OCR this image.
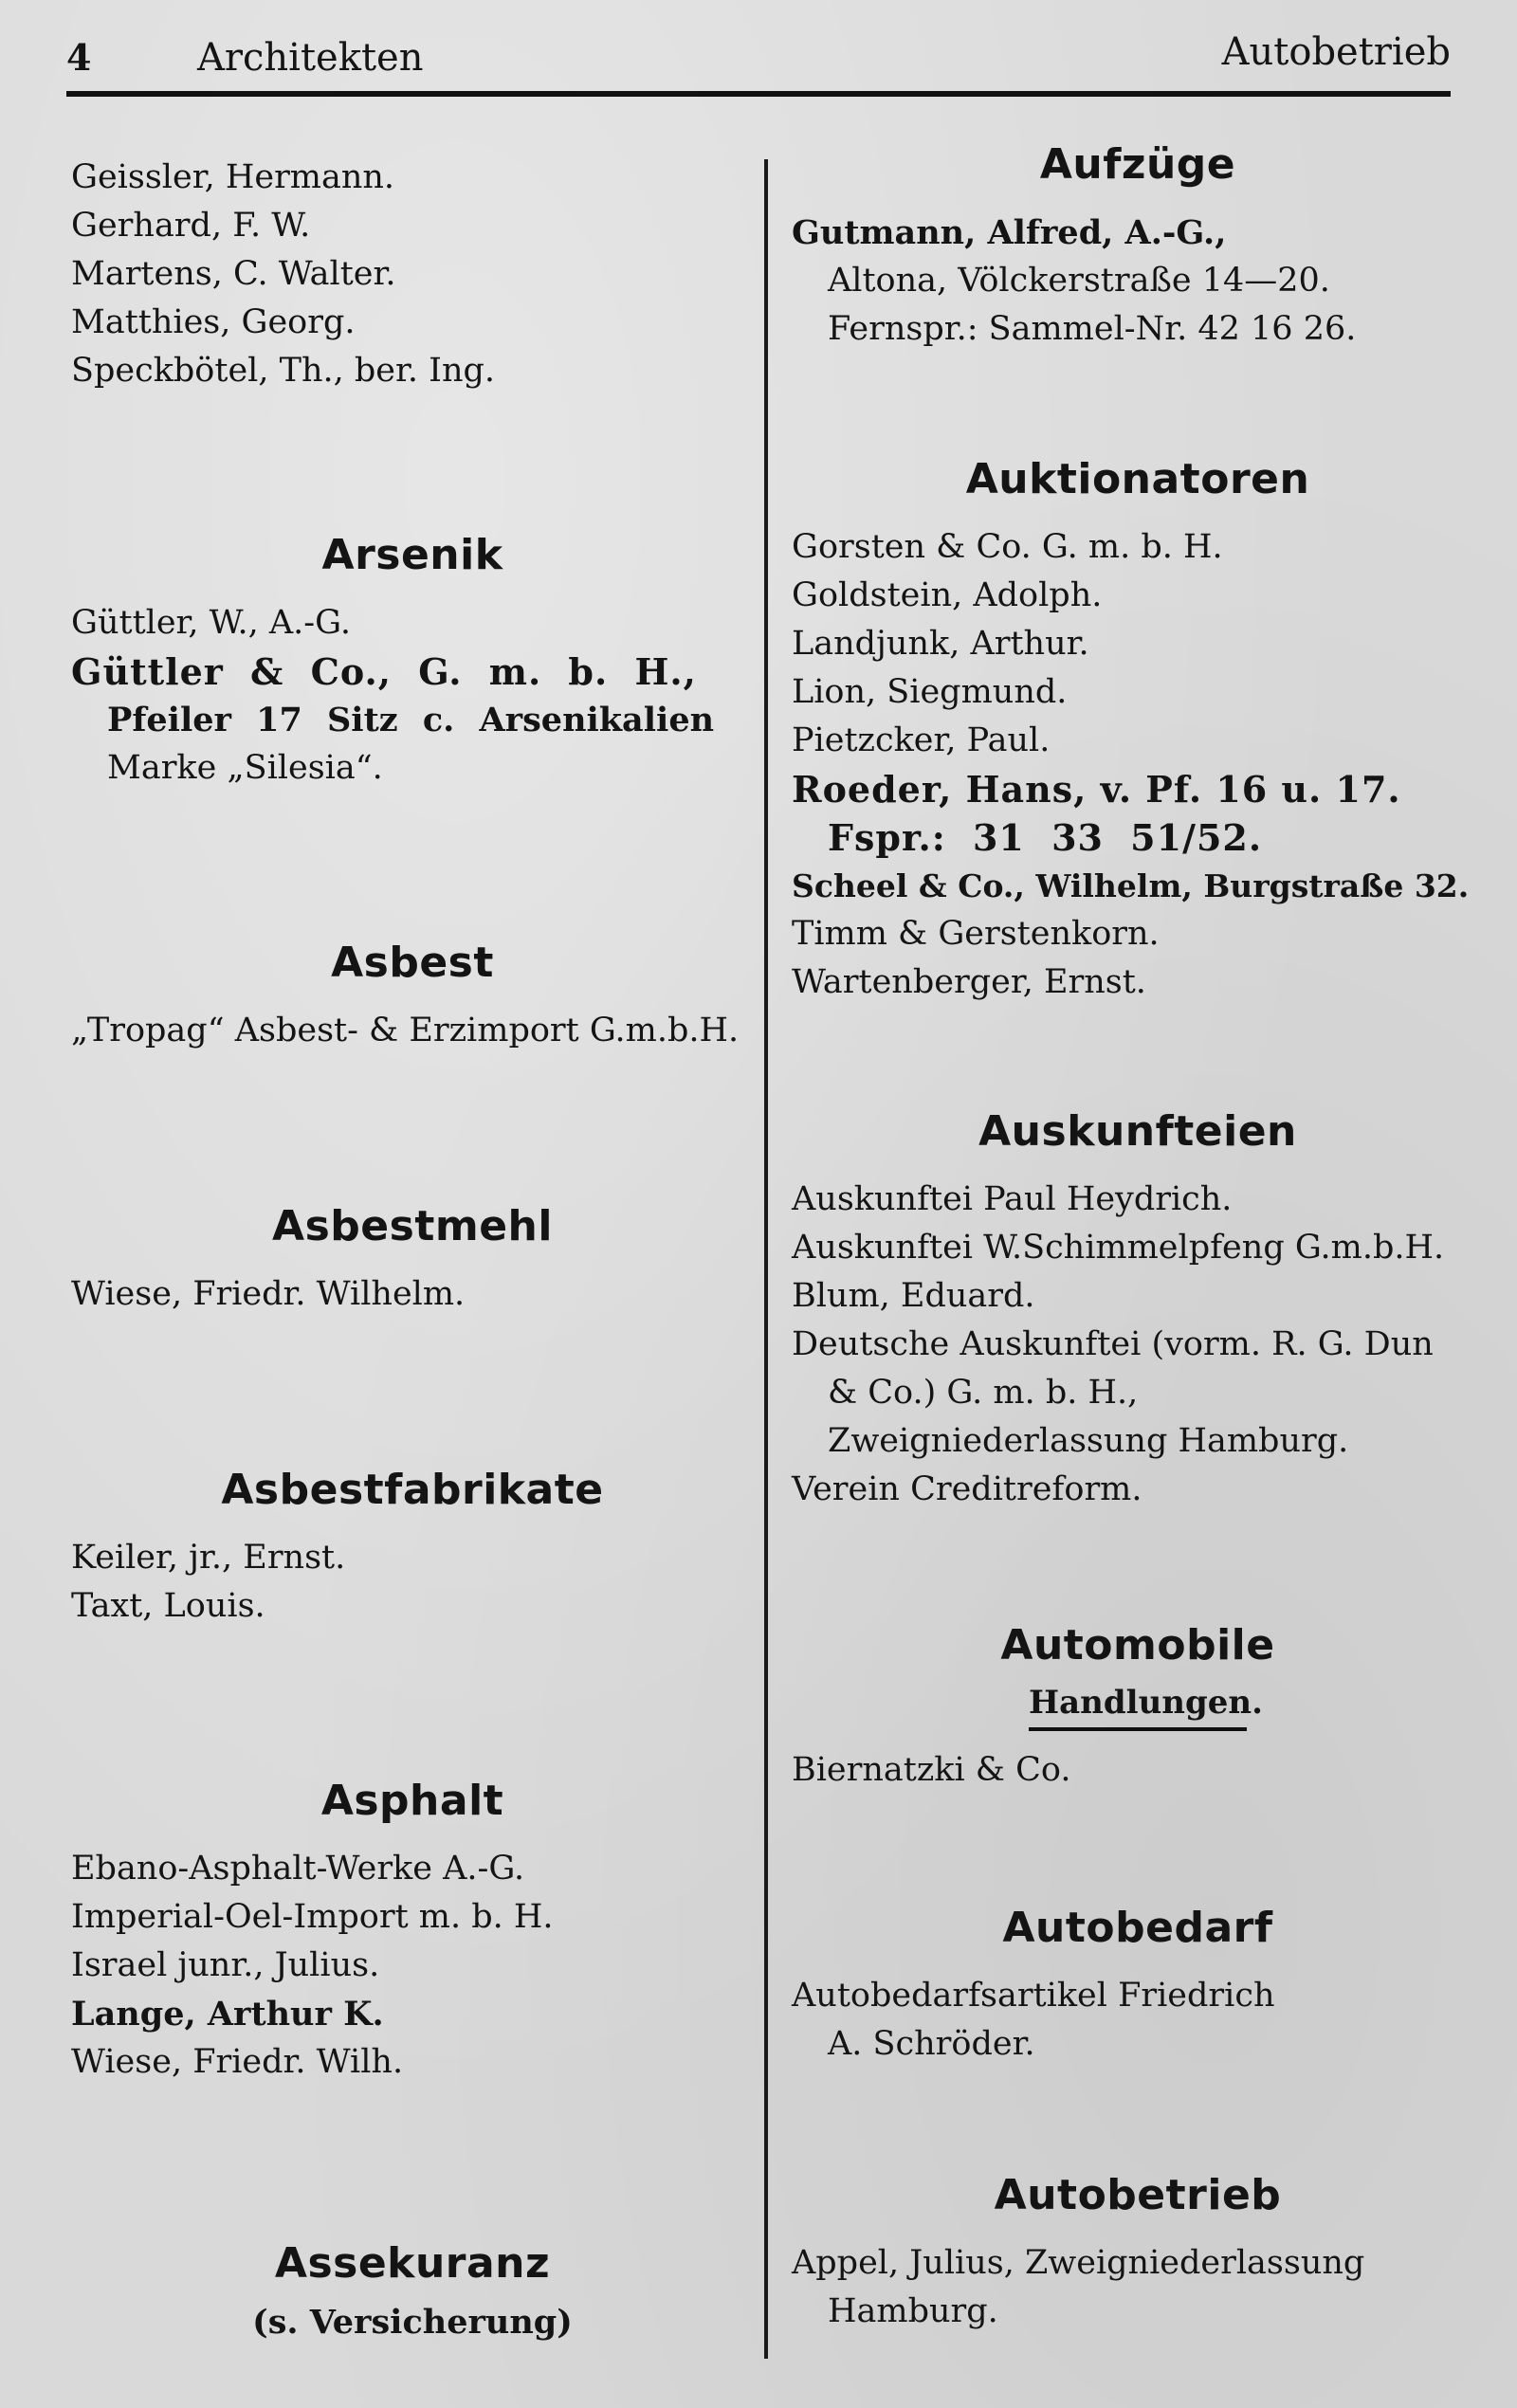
4	Architekten	Autobetrieb
Geissler, Hermann.
Gerhard, F. W.
Martens, C. Walter.
Matthies, Georg.
Speckbötel, Th., ber. Ing.
Arsenik
Güttler, W., A.-G.
Güttler & Co., G. m. b. H.,
Pfeiler 17 Sitz c. Arsenikalien
Marke „Silesia“.
Asbest
„Tropag“ Asbest- & Erzimport G.m.b.H.
Asbestmehl
Wiese, Friedr. Wilhelm.
Asbestfabrikate
Keiler, jr., Ernst.
Taxt, Louis.
Asphalt
Ebano-Asphalt-Werke A.-G.
Imperial-Oel-Import m. b. H.
Israel junr., Julius.
Lange, Arthur K.
Wiese, Friedr. Wilh.
Assekuranz
(s. Versicherung)
Aufzüge
Gutmann, Alfred, A.-G.,
Altona, Völckerstraße 14—20.
Fernspr.: Sammel-Nr. 42 16 26.
Auktionatoren
Gorsten & Co. G. m. b. H.
Goldstein, Adolph.
Landjunk, Arthur.
Lion, Siegmund.
Pietzcker, Paul.
Roeder, Hans, v. Pf. 16 u. 17.
Fspr.: 31 33 51/52.
Scheel & Co., Wilhelm, Burgstraße 32.
Timm & Gerstenkorn.
Wartenberger, Ernst.
Auskunfteien
Auskunftei Paul Heydrich.
Auskunftei W.Schimmelpfeng G.m.b.H.
Blum, Eduard.
Deutsche Auskunftei (vorm. R. G. Dun
& Co.) G. m. b. H.,
Zweigniederlassung Hamburg.
Verein Creditreform.
Automobile
Handlungen.
Biernatzki & Co.
Autobedarf
Autobedarfsartikel Friedrich
A. Schröder.
Autobetrieb
Appel, Julius, Zweigniederlassung
Hamburg.
